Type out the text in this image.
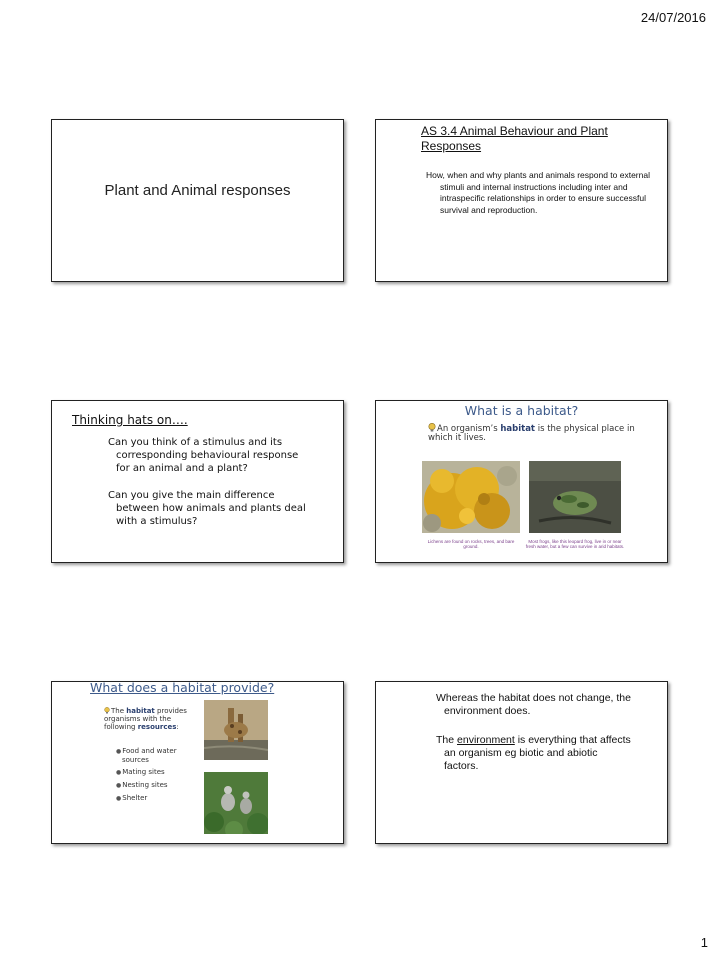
24/07/2016
Plant and Animal responses
AS 3.4 Animal Behaviour and Plant Responses
How, when and why plants and animals respond to external stimuli and internal instructions including inter and intraspecific relationships in order to ensure successful survival and reproduction.
Thinking hats on….
Can you think of a stimulus and its corresponding behavioural response for an animal and a plant?
Can you give the main difference between how animals and plants deal with a stimulus?
What is a habitat?
An organism’s habitat is the physical place in which it lives.
Lichens are found on rocks, trees, and bare ground.
Most frogs, like this leopard frog, live in or near fresh water, but a few can survive in arid habitats.
What does a habitat provide?
The habitat provides organisms with the following resources:
● Food and water sources
● Mating sites
● Nesting sites
● Shelter
Whereas the habitat does not change, the environment does.
The environment is everything that affects an organism eg biotic and abiotic factors.
1
